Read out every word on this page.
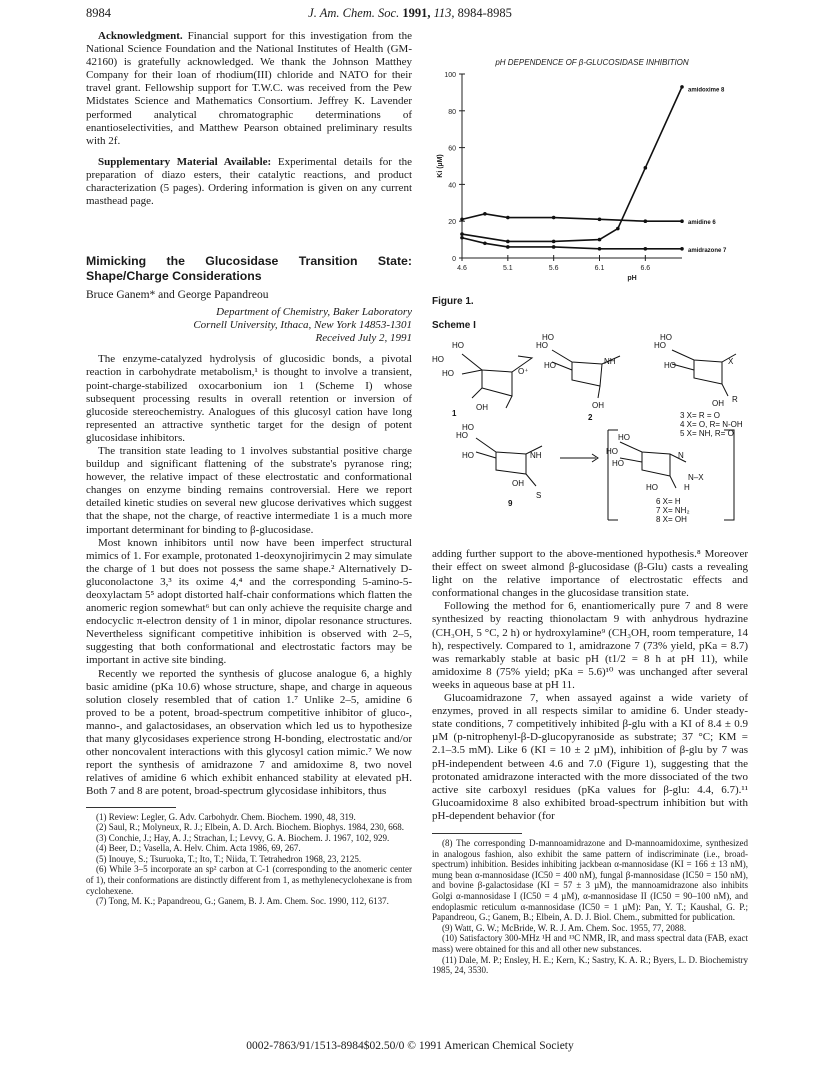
8984	J. Am. Chem. Soc. 1991, 113, 8984-8985

Acknowledgment. Financial support for this investigation from the National Science Foundation and the National Institutes of Health (GM-42160) is gratefully acknowledged. We thank the Johnson Matthey Company for their loan of rhodium(III) chloride and NATO for their travel grant. Fellowship support for T.W.C. was received from the Pew Midstates Science and Mathematics Consortium. Jeffrey K. Lavender performed analytical chromatographic determinations of enantioselectivities, and Matthew Pearson obtained preliminary results with 2f.

Supplementary Material Available: Experimental details for the preparation of diazo esters, their catalytic reactions, and product characterization (5 pages). Ordering information is given on any current masthead page.

Mimicking the Glucosidase Transition State: Shape/Charge Considerations
Bruce Ganem* and George Papandreou
Department of Chemistry, Baker Laboratory
Cornell University, Ithaca, New York 14853-1301
Received July 2, 1991

The enzyme-catalyzed hydrolysis of glucosidic bonds, a pivotal reaction in carbohydrate metabolism,¹ is thought to involve a transient, point-charge-stabilized oxocarbonium ion 1 (Scheme I) whose subsequent processing results in overall retention or inversion of glucoside stereochemistry. Analogues of this glucosyl cation have long represented an attractive synthetic target for the design of potent glucosidase inhibitors.

The transition state leading to 1 involves substantial positive charge buildup and significant flattening of the substrate's pyranose ring; however, the relative impact of these electrostatic and conformational changes on enzyme binding remains controversial. Here we report detailed kinetic studies on several new glucose derivatives which suggest that the shape, not the charge, of reactive intermediate 1 is a much more important determinant for binding to β-glucosidase.

Most known inhibitors until now have been imperfect structural mimics of 1. For example, protonated 1-deoxynojirimycin 2 may simulate the charge of 1 but does not possess the same shape.² Alternatively D-gluconolactone 3,³ its oxime 4,⁴ and the corresponding 5-amino-5-deoxylactam 5⁵ adopt distorted half-chair conformations which flatten the anomeric region somewhat⁶ but can only achieve the requisite charge and endocyclic π-electron density of 1 in minor, dipolar resonance structures. Nevertheless significant competitive inhibition is observed with 2–5, suggesting that both conformational and electrostatic factors may be important in active site binding.

Recently we reported the synthesis of glucose analogue 6, a highly basic amidine (pKa 10.6) whose structure, shape, and charge in aqueous solution closely resembled that of cation 1.⁷ Unlike 2–5, amidine 6 proved to be a potent, broad-spectrum competitive inhibitor of gluco-, manno-, and galactosidases, an observation which led us to hypothesize that many glycosidases experience strong H-bonding, electrostatic and/or other noncovalent interactions with this glycosyl cation mimic.⁷ We now report the synthesis of amidrazone 7 and amidoxime 8, two novel relatives of amidine 6 which exhibit enhanced stability at elevated pH. Both 7 and 8 are potent, broad-spectrum glycosidase inhibitors, thus

(1) Review: Legler, G. Adv. Carbohydr. Chem. Biochem. 1990, 48, 319.

(2) Saul, R.; Molyneux, R. J.; Elbein, A. D. Arch. Biochem. Biophys. 1984, 230, 668.

(3) Conchie, J.; Hay, A. J.; Strachan, I.; Levvy, G. A. Biochem. J. 1967, 102, 929.

(4) Beer, D.; Vasella, A. Helv. Chim. Acta 1986, 69, 267.

(5) Inouye, S.; Tsuruoka, T.; Ito, T.; Niida, T. Tetrahedron 1968, 23, 2125.

(6) While 3–5 incorporate an sp² carbon at C-1 (corresponding to the anomeric center of 1), their conformations are distinctly different from 1, as methylenecyclohexane is from cyclohexene.

(7) Tong, M. K.; Papandreou, G.; Ganem, B. J. Am. Chem. Soc. 1990, 112, 6137.

pH DEPENDENCE OF β-GLUCOSIDASE INHIBITION
0
20
40
60
80
100
4.6	5.1	5.6	6.1	6.6
pH
Ki (µM)
amidoxime 8
amidine 6
amidrazone 7
Figure 1.
Scheme I
HO
HO
HO	O⁺
OH
1
HO
HO
HO	NH
OH
2
HO
HO
HO	X
OH R
3 X= R = O
4 X= O, R= N-OH
5 X= NH, R= O
HO
HO
HO	NH
OH
S
9
HO
HO
HO
N
N–X
H
HO
6 X= H
7 X= NH₂
8 X= OH

adding further support to the above-mentioned hypothesis.⁸ Moreover their effect on sweet almond β-glucosidase (β-Glu) casts a revealing light on the relative importance of electrostatic effects and conformational changes in the glucosidase transition state.

Following the method for 6, enantiomerically pure 7 and 8 were synthesized by reacting thionolactam 9 with anhydrous hydrazine (CH₃OH, 5 °C, 2 h) or hydroxylamine⁹ (CH₃OH, room temperature, 14 h), respectively. Compared to 1, amidrazone 7 (73% yield, pKa = 8.7) was remarkably stable at basic pH (t1/2 = 8 h at pH 11), while amidoxime 8 (75% yield; pKa = 5.6)¹⁰ was unchanged after several weeks in aqueous base at pH 11.

Glucoamidrazone 7, when assayed against a wide variety of enzymes, proved in all respects similar to amidine 6. Under steady-state conditions, 7 competitively inhibited β-glu with a KI of 8.4 ± 0.9 µM (p-nitrophenyl-β-D-glucopyranoside as substrate; 37 °C; KM = 2.1–3.5 mM). Like 6 (KI = 10 ± 2 µM), inhibition of β-glu by 7 was pH-independent between 4.6 and 7.0 (Figure 1), suggesting that the protonated amidrazone interacted with the more dissociated of the two active site carboxyl residues (pKa values for β-glu: 4.4, 6.7).¹¹ Glucoamidoxime 8 also exhibited broad-spectrum inhibition but with pH-dependent behavior (for

(8) The corresponding D-mannoamidrazone and D-mannoamidoxime, synthesized in analogous fashion, also exhibit the same pattern of indiscriminate (i.e., broad-spectrum) inhibition. Besides inhibiting jackbean α-mannosidase (KI = 166 ± 13 nM), mung bean α-mannosidase (IC50 = 400 nM), fungal β-mannosidase (IC50 = 150 nM), and bovine β-galactosidase (KI = 57 ± 3 µM), the mannoamidrazone also inhibits Golgi α-mannosidase I (IC50 = 4 µM), α-mannosidase II (IC50 = 90–100 nM), and endoplasmic reticulum α-mannosidase (IC50 = 1 µM): Pan, Y. T.; Kaushal, G. P.; Papandreou, G.; Ganem, B.; Elbein, A. D. J. Biol. Chem., submitted for publication.

(9) Watt, G. W.; McBride, W. R. J. Am. Chem. Soc. 1955, 77, 2088.

(10) Satisfactory 300-MHz ¹H and ¹³C NMR, IR, and mass spectral data (FAB, exact mass) were obtained for this and all other new substances.

(11) Dale, M. P.; Ensley, H. E.; Kern, K.; Sastry, K. A. R.; Byers, L. D. Biochemistry 1985, 24, 3530.

0002-7863/91/1513-8984$02.50/0 © 1991 American Chemical Society
